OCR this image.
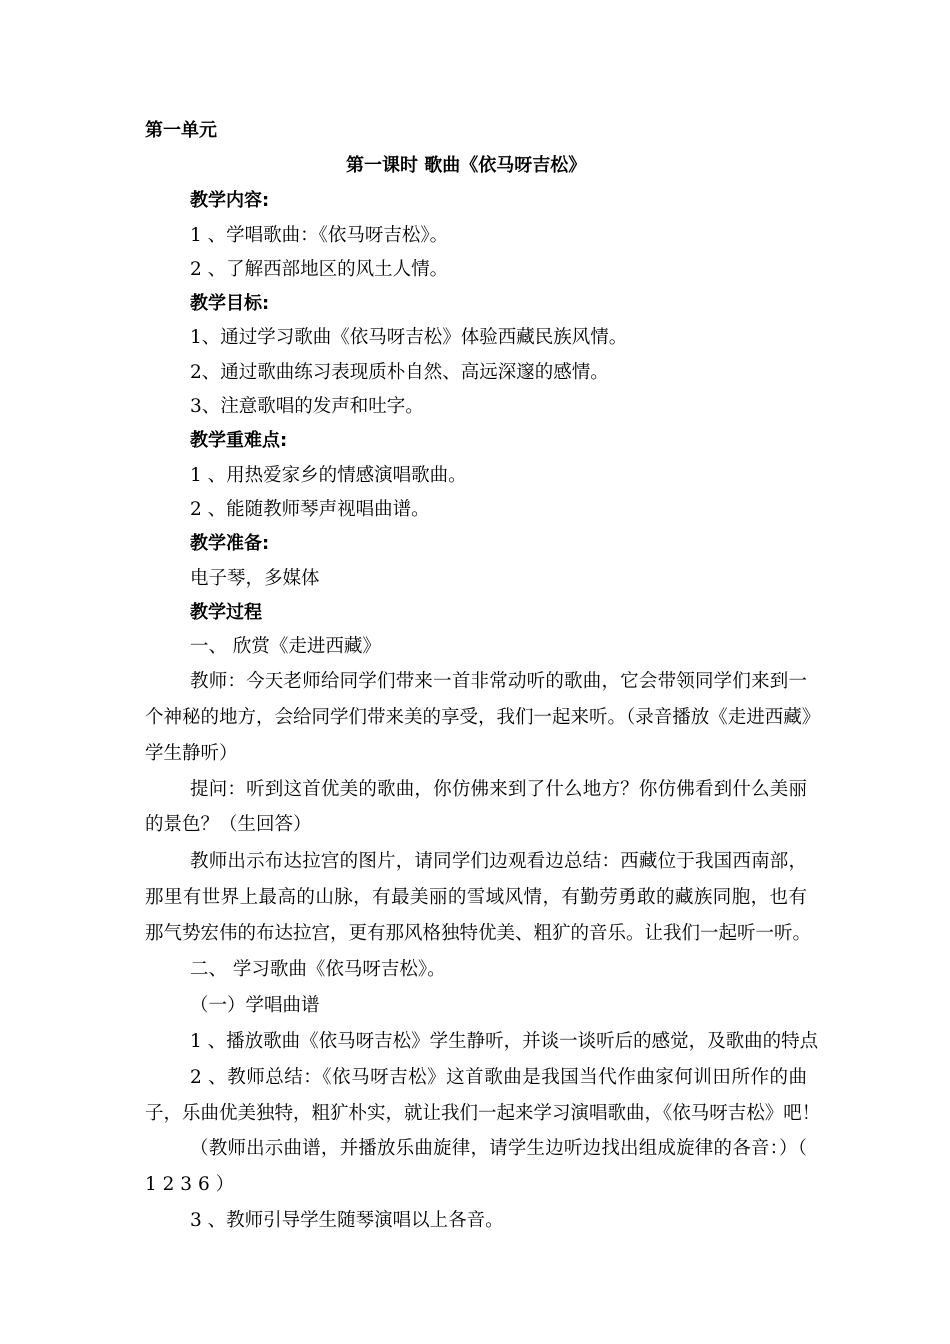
第一单元
第一课时 歌曲《依马呀吉松》
教学内容:
1 、学唱歌曲：《依马呀吉松》。
2 、了解西部地区的风土人情。
教学目标:
1、通过学习歌曲《依马呀吉松》体验西藏民族风情。
2、通过歌曲练习表现质朴自然、高远深邃的感情。
3、注意歌唱的发声和吐字。
教学重难点:
1 、用热爱家乡的情感演唱歌曲。
2 、能随教师琴声视唱曲谱。
教学准备:
电子琴，多媒体
教学过程
一、 欣赏《走进西藏》
教师：今天老师给同学们带来一首非常动听的歌曲，它会带领同学们来到一
个神秘的地方，会给同学们带来美的享受，我们一起来听。（录音播放《走进西藏》
学生静听）
提问：听到这首优美的歌曲，你仿佛来到了什么地方？你仿佛看到什么美丽
的景色？（生回答）
教师出示布达拉宫的图片，请同学们边观看边总结：西藏位于我国西南部，
那里有世界上最高的山脉，有最美丽的雪域风情，有勤劳勇敢的藏族同胞，也有
那气势宏伟的布达拉宫，更有那风格独特优美、粗犷的音乐。让我们一起听一听。
二、 学习歌曲《依马呀吉松》。
（一）学唱曲谱
1 、播放歌曲《依马呀吉松》学生静听，并谈一谈听后的感觉，及歌曲的特点
2 、教师总结：《依马呀吉松》这首歌曲是我国当代作曲家何训田所作的曲
子，乐曲优美独特，粗犷朴实，就让我们一起来学习演唱歌曲，《依马呀吉松》吧！
（教师出示曲谱，并播放乐曲旋律，请学生边听边找出组成旋律的各音：）（
1 2 3 6 ）
3 、教师引导学生随琴演唱以上各音。
